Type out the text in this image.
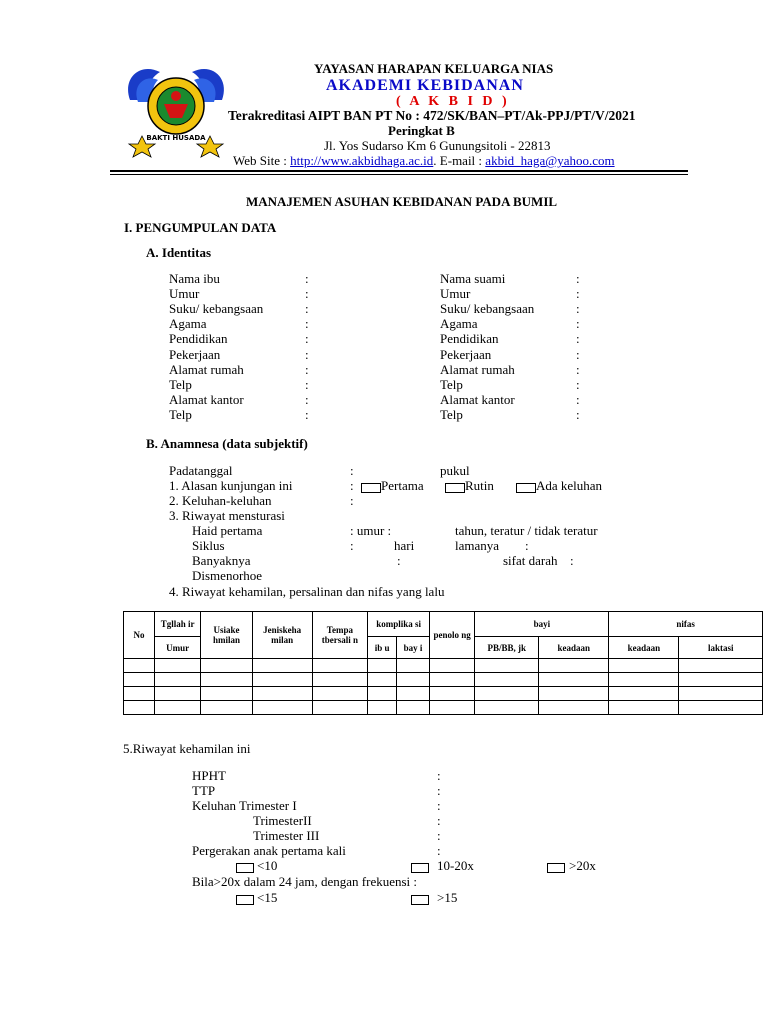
BAKTI HUSADA
YAYASAN HARAPAN KELUARGA NIAS
AKADEMI KEBIDANAN
( A K B I D )
Terakreditasi AIPT BAN PT No : 472/SK/BAN–PT/Ak-PPJ/PT/V/2021
Peringkat B
Jl. Yos Sudarso Km 6 Gunungsitoli - 22813
Web Site : http://www.akbidhaga.ac.id. E-mail : akbid_haga@yahoo.com
MANAJEMEN ASUHAN KEBIDANAN PADA BUMIL
I. PENGUMPULAN DATA
A. Identitas
Nama ibu	:
Umur	:
Suku/ kebangsaan	:
Agama	:
Pendidikan	:
Pekerjaan	:
Alamat rumah	:
Telp	:
Alamat kantor	:
Telp	:
Nama suami	:
Umur	:
Suku/ kebangsaan	:
Agama	:
Pendidikan	:
Pekerjaan	:
Alamat rumah	:
Telp	:
Alamat kantor	:
Telp	:
B. Anamnesa (data subjektif)
Padatanggal	:	pukul
1. Alasan kunjungan ini	: Pertama	Rutin	Ada keluhan
2. Keluhan-keluhan	:
3. Riwayat mensturasi
Haid pertama	: umur :	tahun, teratur / tidak teratur
Siklus	:	hari	lamanya :
Banyaknya	:	sifat darah :
Dismenorhoe
4. Riwayat kehamilan, persalinan dan nifas yang lalu
No	Tgllah ir	Usiake hmilan	Jeniskeha milan	Tempa tbersali n	komplika si		penolo ng	bayi		nifas	
	Umur				ib u	bay i		PB/BB, jk	keadaan	keadaan	laktasi

5.Riwayat kehamilan ini
HPHT	:
TTP	:
Keluhan Trimester I	:
TrimesterII	:
Trimester III	:
Pergerakan anak pertama kali	:
<10	10-20x	>20x
Bila>20x dalam 24 jam, dengan frekuensi :
<15	>15
